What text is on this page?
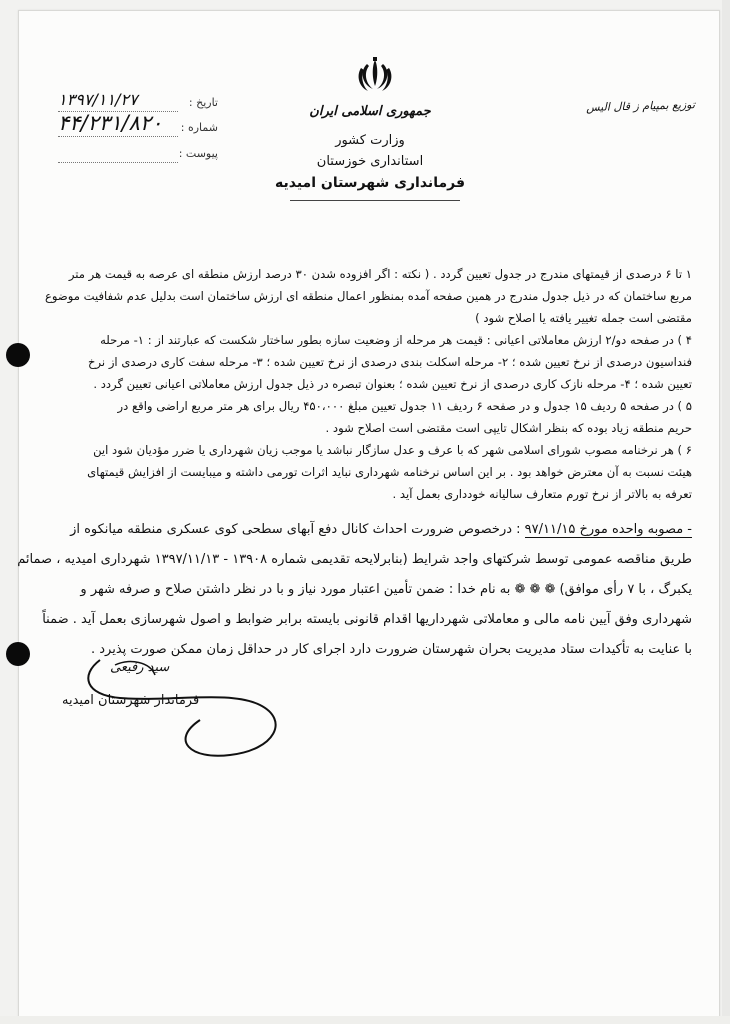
جمهوری اسلامی ایران
وزارت کشور
استانداری خوزستان
فرمانداری شهرستان امیدیه
توزیع بمپیام ز قال الیس
تاریخ :
۱۳۹۷/۱۱/۲۷
شماره :
۴۴/۲۳۱/۸۲۰
پیوست :
۱ تا ۶ درصدی از قیمتهای مندرج در جدول تعیین گردد . ( نکته : اگر افزوده شدن ۳۰ درصد ارزش منطقه ای عرصه به قیمت هر متر
مربع ساختمان که در ذیل جدول مندرج در همین صفحه آمده بمنظور اعمال منطقه ای ارزش ساختمان است بدلیل عدم شفافیت موضوع
مقتضی است جمله تغییر یافته یا اصلاح شود )
۴ ) در صفحه دو/۲ ارزش معاملاتی اعیانی : قیمت هر مرحله از وضعیت سازه بطور ساختار شکست که عبارتند از : ۱- مرحله
فنداسیون درصدی از نرخ تعیین شده ؛ ۲- مرحله اسکلت بندی درصدی از نرخ تعیین شده ؛ ۳- مرحله سفت کاری درصدی از نرخ
تعیین شده ؛ ۴- مرحله نازک کاری درصدی از نرخ تعیین شده ؛ بعنوان تبصره در ذیل جدول ارزش معاملاتی اعیانی تعیین گردد .
۵ ) در صفحه ۵ ردیف ۱۵ جدول و در صفحه ۶ ردیف ۱۱ جدول تعیین مبلغ ۴۵۰،۰۰۰ ریال برای هر متر مربع اراضی واقع در
حریم منطقه زیاد بوده که بنظر اشکال تایپی است مقتضی است اصلاح شود .
۶ ) هر نرخنامه مصوب شورای اسلامی شهر که با عرف و عدل سازگار نباشد یا موجب زیان شهرداری یا ضرر مؤدیان شود این
هیئت نسبت به آن معترض خواهد بود . بر این اساس نرخنامه شهرداری نباید اثرات تورمی داشته و میبایست از افزایش قیمتهای
تعرفه به بالاتر از نرخ تورم متعارف سالیانه خودداری بعمل آید .
- مصوبه واحده مورخ ۹۷/۱۱/۱۵ : درخصوص ضرورت احداث کانال دفع آبهای سطحی کوی عسکری منطقه میانکوه از
طریق مناقصه عمومی توسط شرکتهای واجد شرایط (بنابرلایحه تقدیمی شماره ۱۳۹۰۸ - ۱۳۹۷/۱۱/۱۳ شهرداری امیدیه ، صمائم
یکبرگ ، با ۷ رأی موافق) ❁ ❁ ❁ به نام خدا : ضمن تأمین اعتبار مورد نیاز و با در نظر داشتن صلاح و صرفه شهر و
شهرداری وفق آیین نامه مالی و معاملاتی شهرداریها اقدام قانونی بایسته برابر ضوابط و اصول شهرسازی بعمل آید . ضمناً
با عنایت به تأکیدات ستاد مدیریت بحران شهرستان ضرورت دارد اجرای کار در حداقل زمان ممکن صورت پذیرد .
سید رفیعی
فرماندار شهرستان امیدیه
